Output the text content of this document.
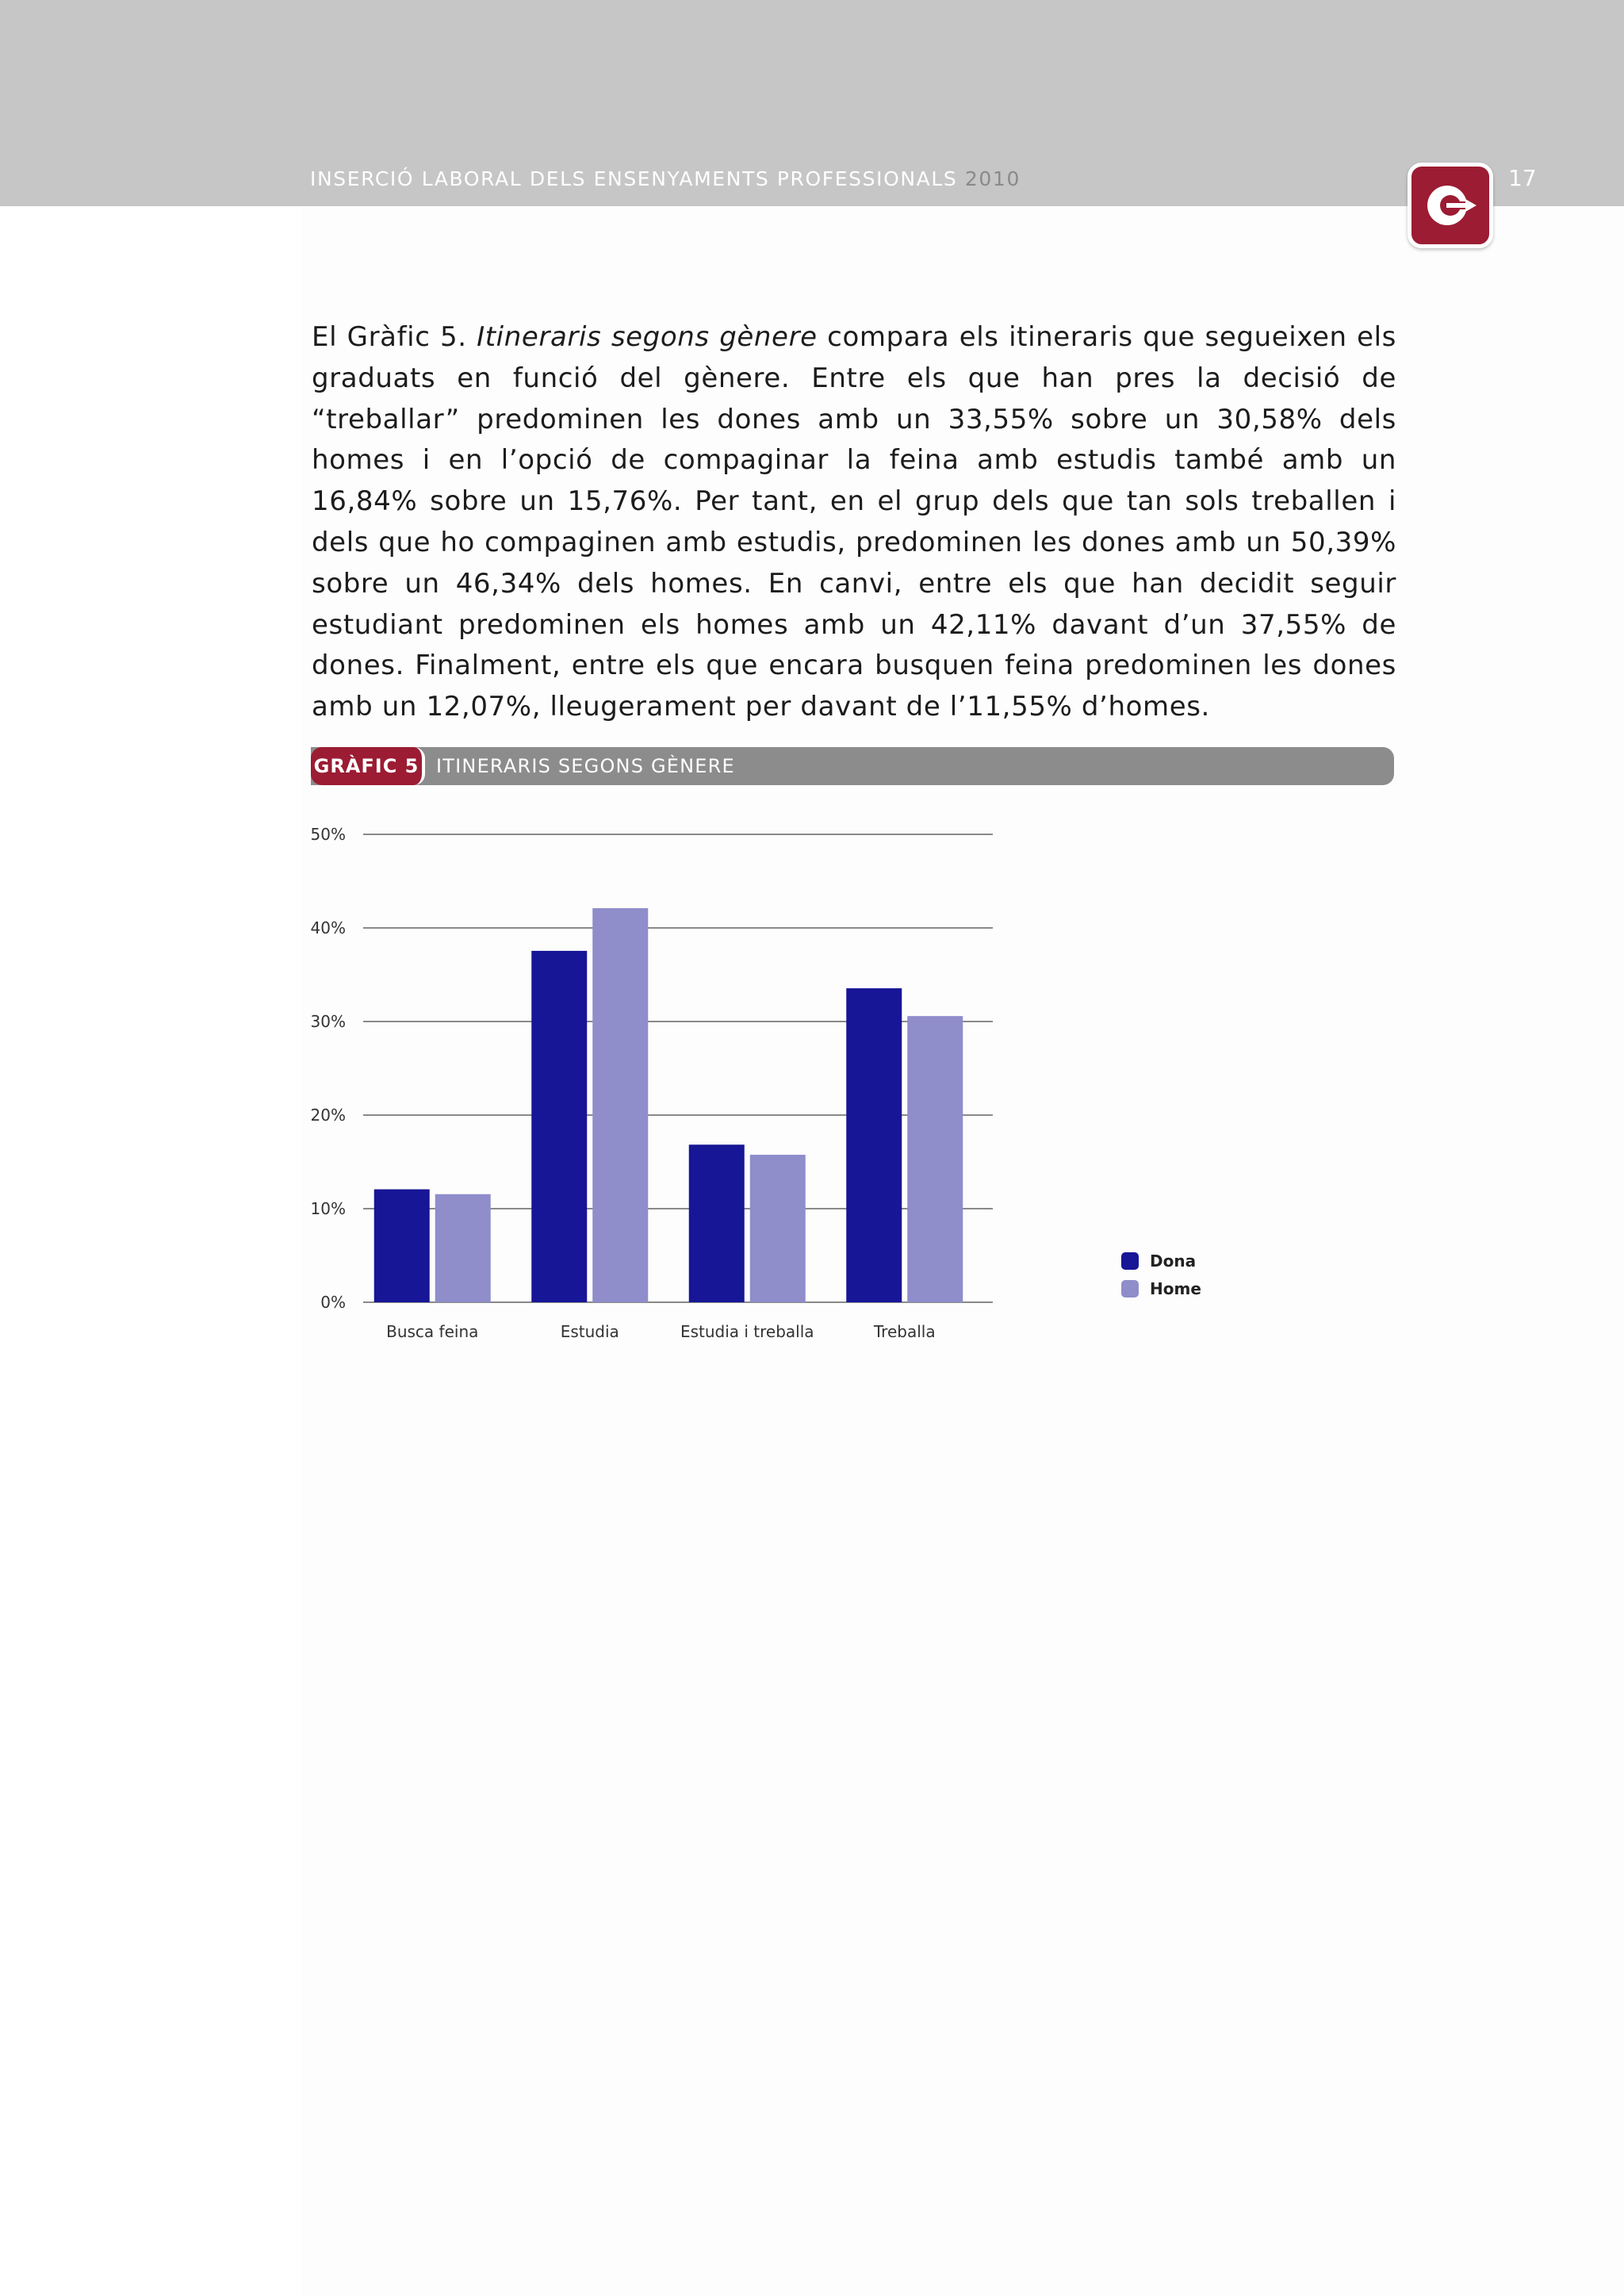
INSERCIÓ LABORAL DELS ENSENYAMENTS PROFESSIONALS 2010	17
El Gràfic 5. Itineraris segons gènere compara els itineraris que segueixen els graduats en funció del gènere. Entre els que han pres la decisió de “treballar” predominen les dones amb un 33,55% sobre un 30,58% dels homes i en l’opció de compaginar la feina amb estudis també amb un 16,84% sobre un 15,76%. Per tant, en el grup dels que tan sols treballen i dels que ho compaginen amb estudis, predominen les dones amb un 50,39% sobre un 46,34% dels homes. En canvi, entre els que han decidit seguir estudiant predominen els homes amb un 42,11% davant d’un 37,55% de dones. Finalment, entre els que encara busquen feina predominen les dones amb un 12,07%, lleugerament per davant de l’11,55% d’homes.
GRÀFIC 5 ITINERARIS SEGONS GÈNERE
0%
10%
20%
30%
40%
50%
Busca feina	Estudia	Estudia i treballa	Treballa
Dona
Home
